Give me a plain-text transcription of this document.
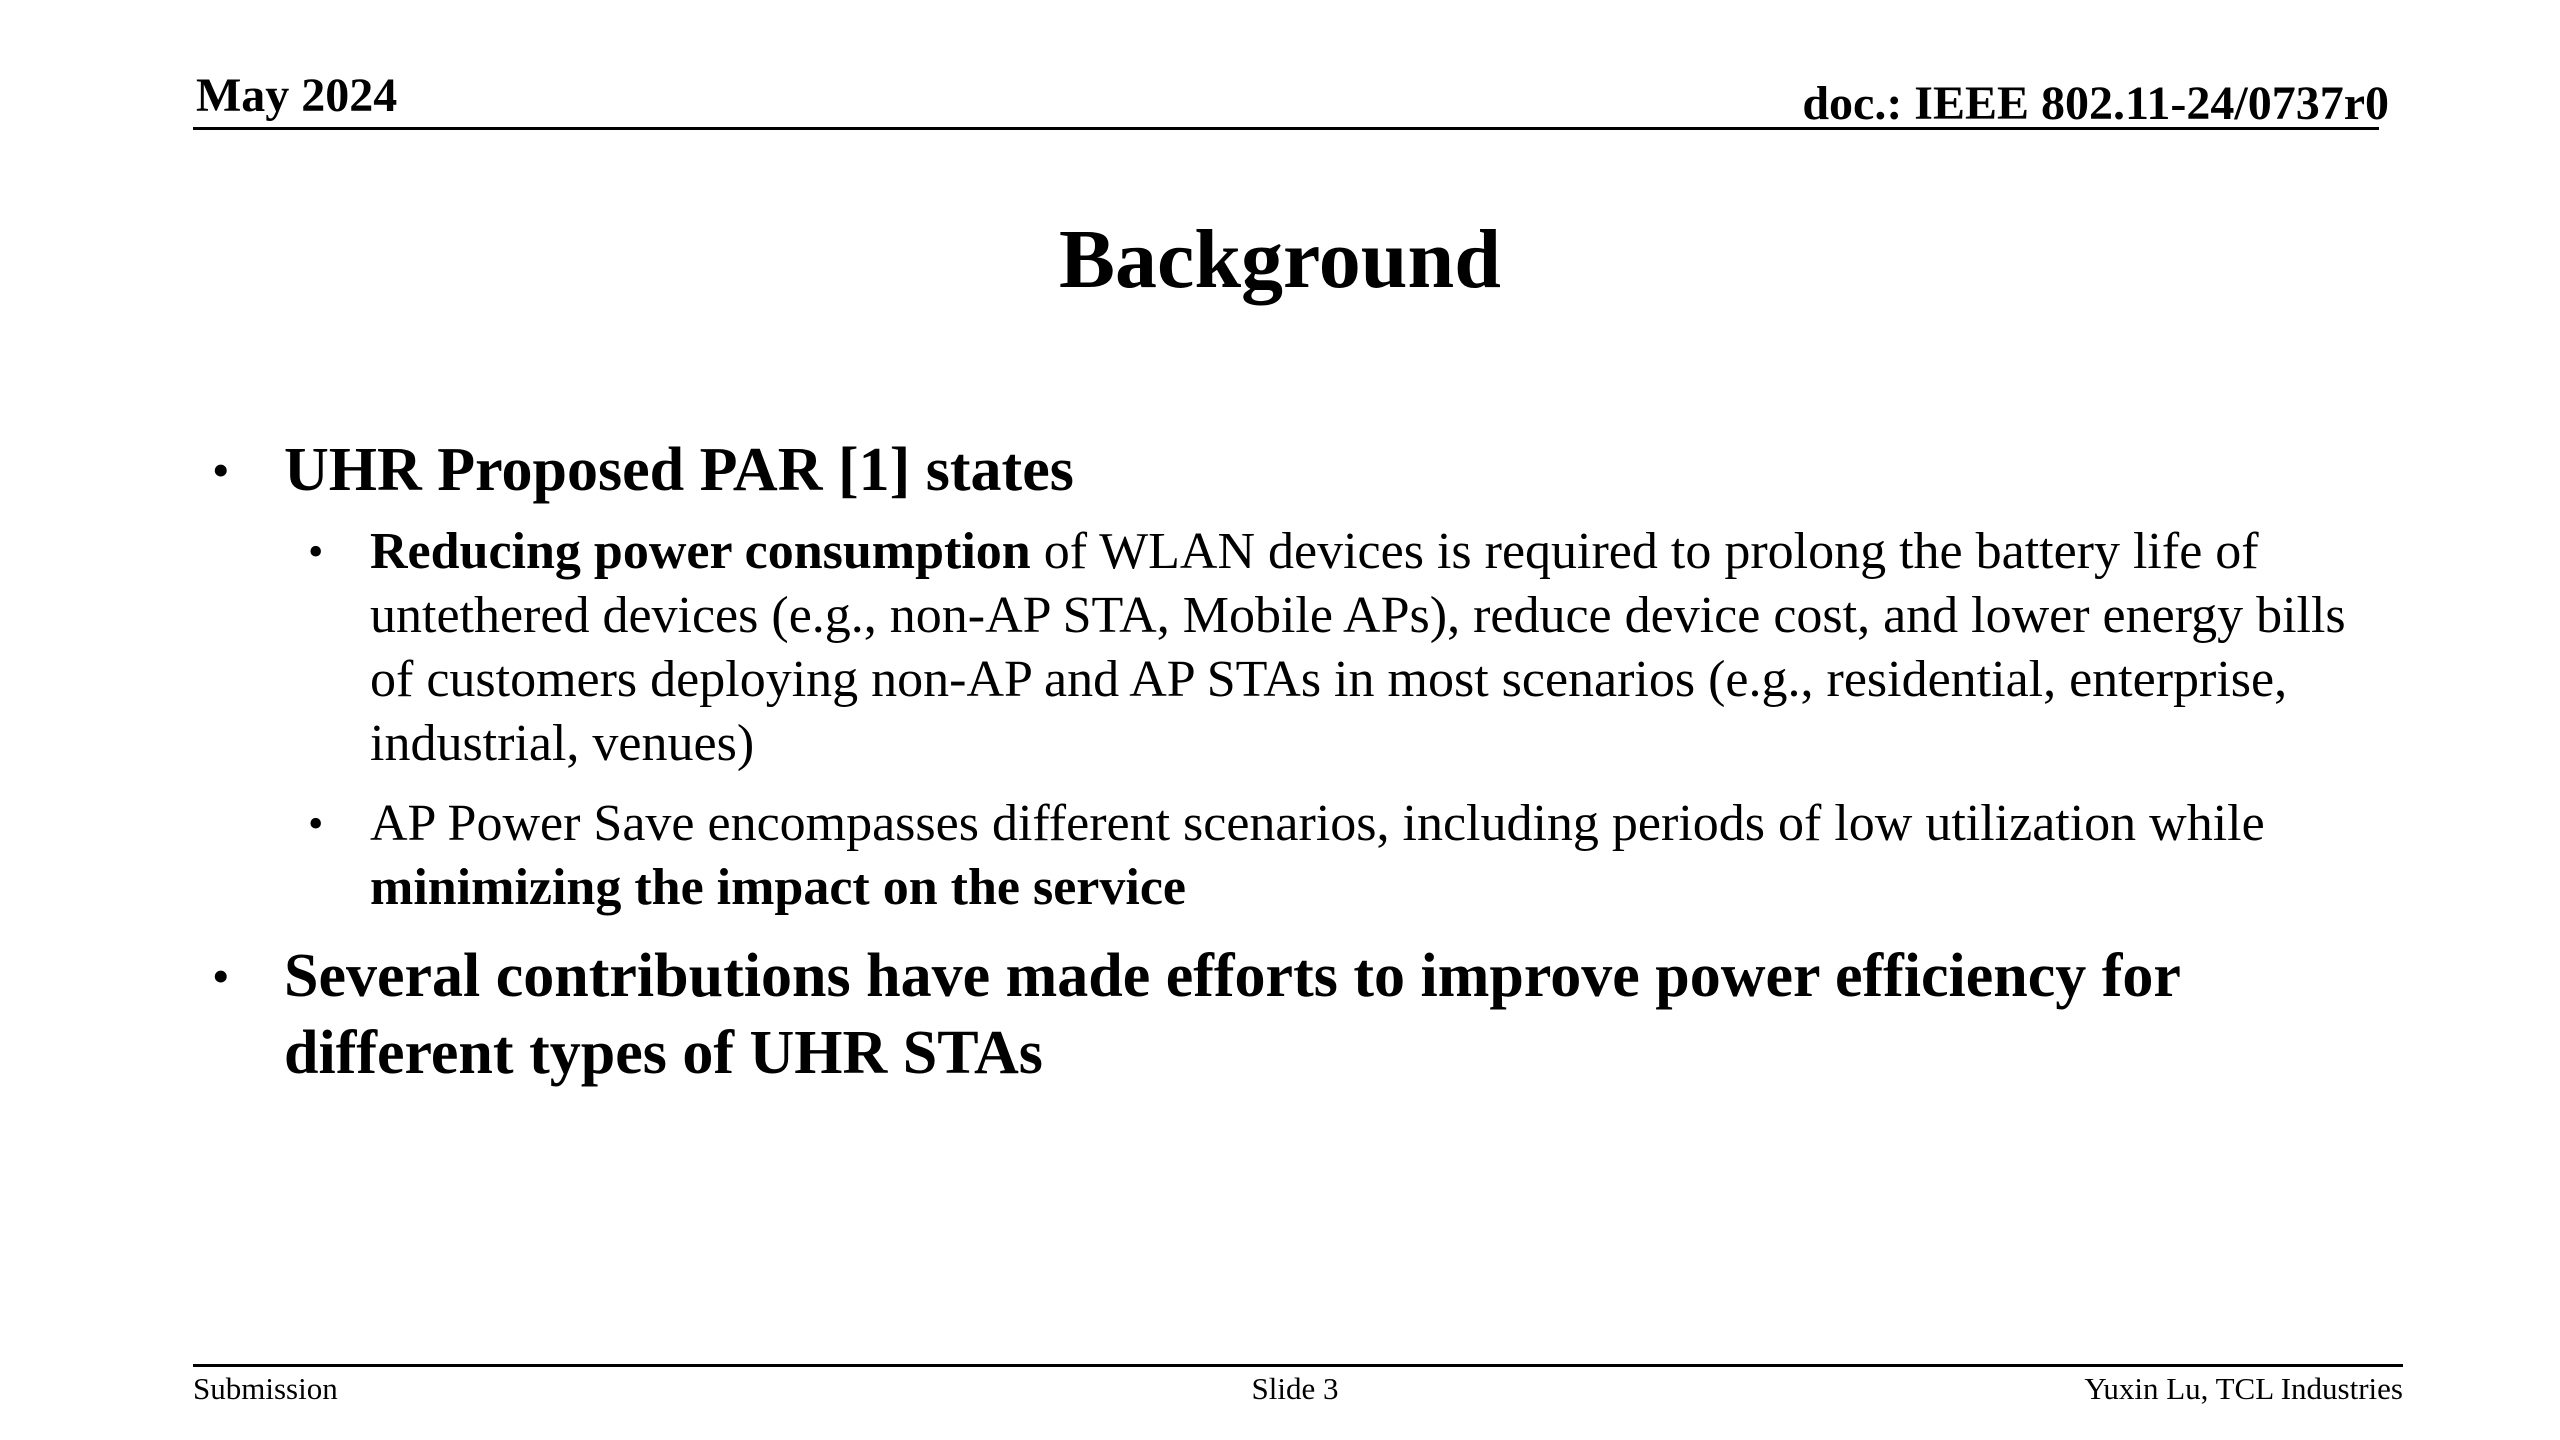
May 2024	doc.: IEEE 802.11-24/0737r0
Background
• UHR Proposed PAR [1] states
• Reducing power consumption of WLAN devices is required to prolong the battery life of untethered devices (e.g., non-AP STA, Mobile APs), reduce device cost, and lower energy bills of customers deploying non-AP and AP STAs in most scenarios (e.g., residential, enterprise, industrial, venues)
• AP Power Save encompasses different scenarios, including periods of low utilization while minimizing the impact on the service
• Several contributions have made efforts to improve power efficiency for different types of UHR STAs
Submission	Slide 3	Yuxin Lu, TCL Industries
